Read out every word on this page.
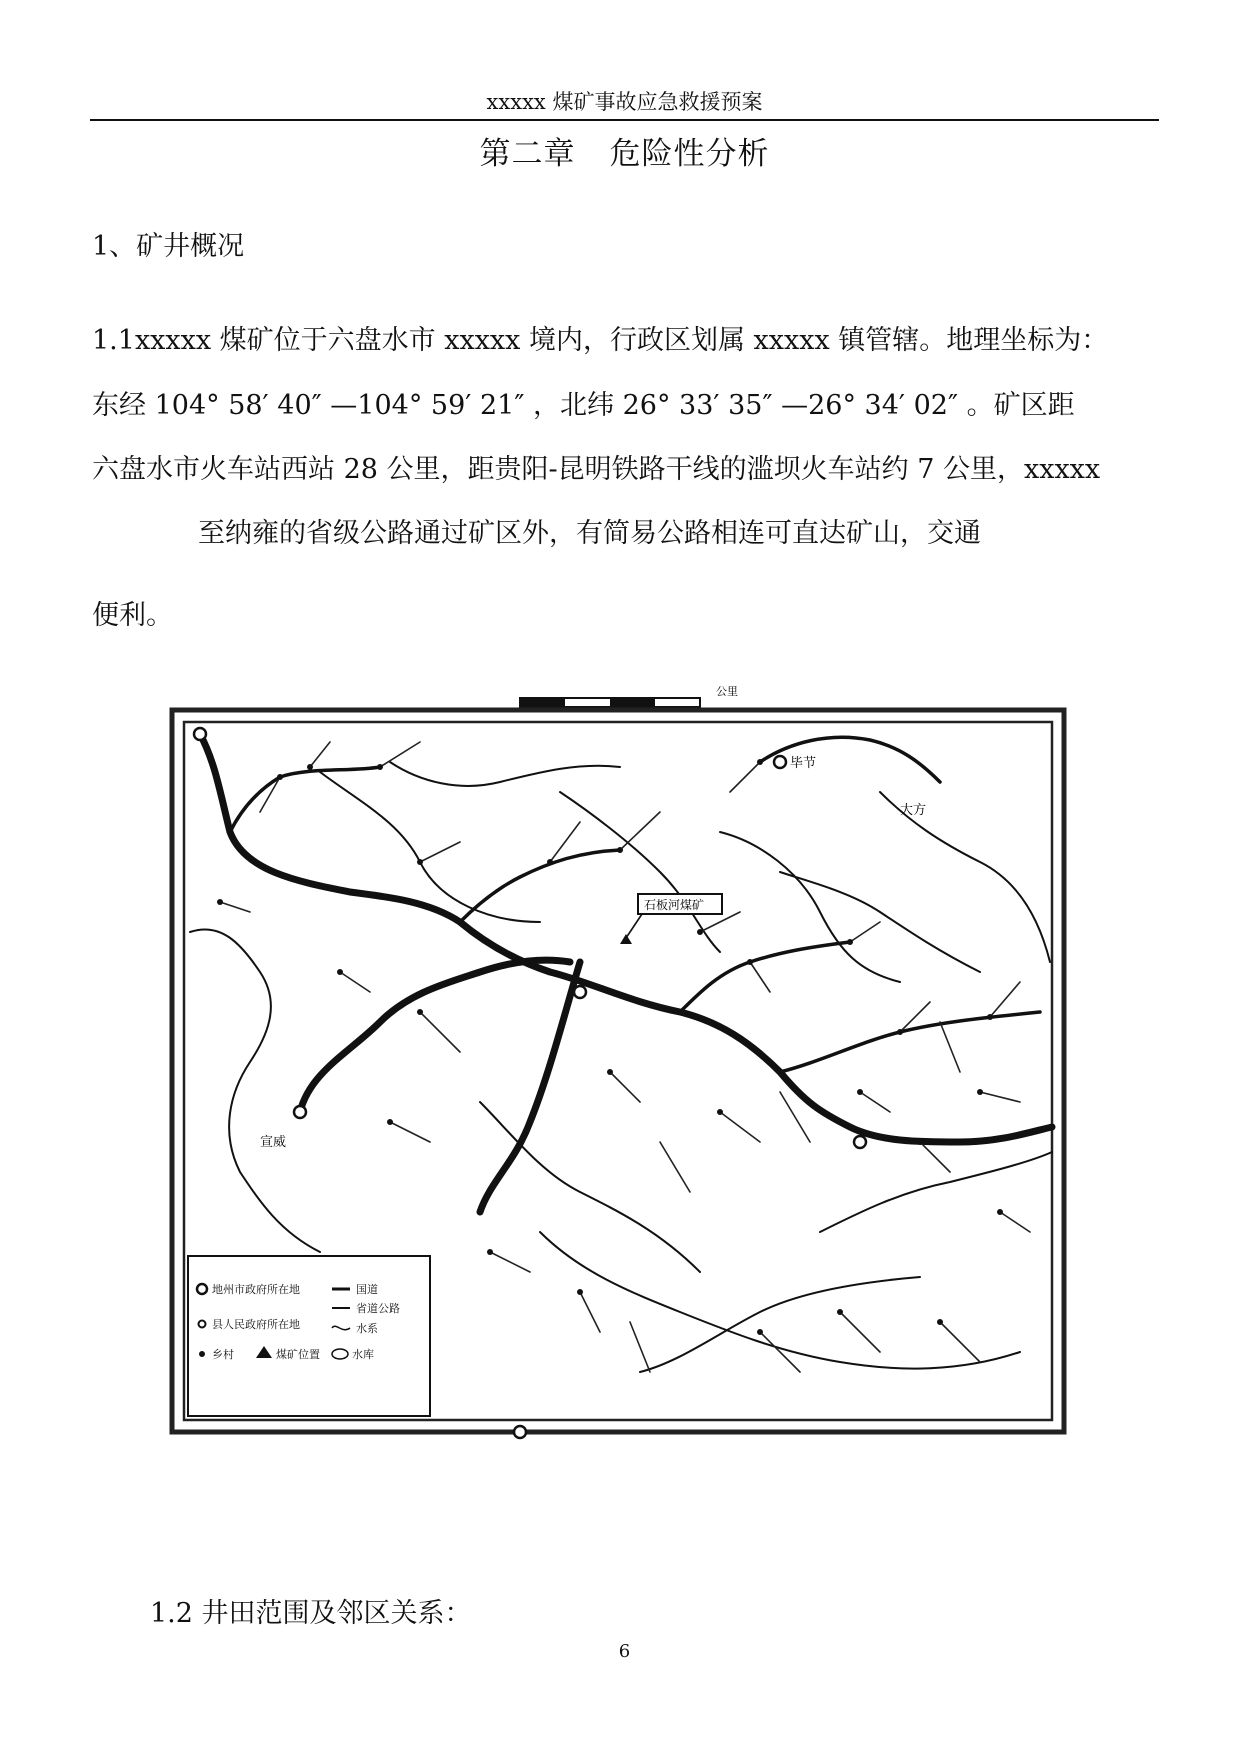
xxxxx 煤矿事故应急救援预案
第二章 危险性分析
1、矿井概况
1.1xxxxx 煤矿位于六盘水市 xxxxx 境内，行政区划属 xxxxx 镇管辖。地理坐标为：
东经 104° 58′ 40″ —104° 59′ 21″ ，北纬 26° 33′ 35″ —26° 34′ 02″ 。矿区距
六盘水市火车站西站 28 公里，距贵阳-昆明铁路干线的滥坝火车站约 7 公里，xxxxx
至纳雍的省级公路通过矿区外，有简易公路相连可直达矿山，交通
便利。
公里
毕节
大方
宣威
石板河煤矿
地州市政府所在地	国道
县人民政府所在地
省道公路
水系
乡村	煤矿位置	水库
1.2 井田范围及邻区关系：
6
